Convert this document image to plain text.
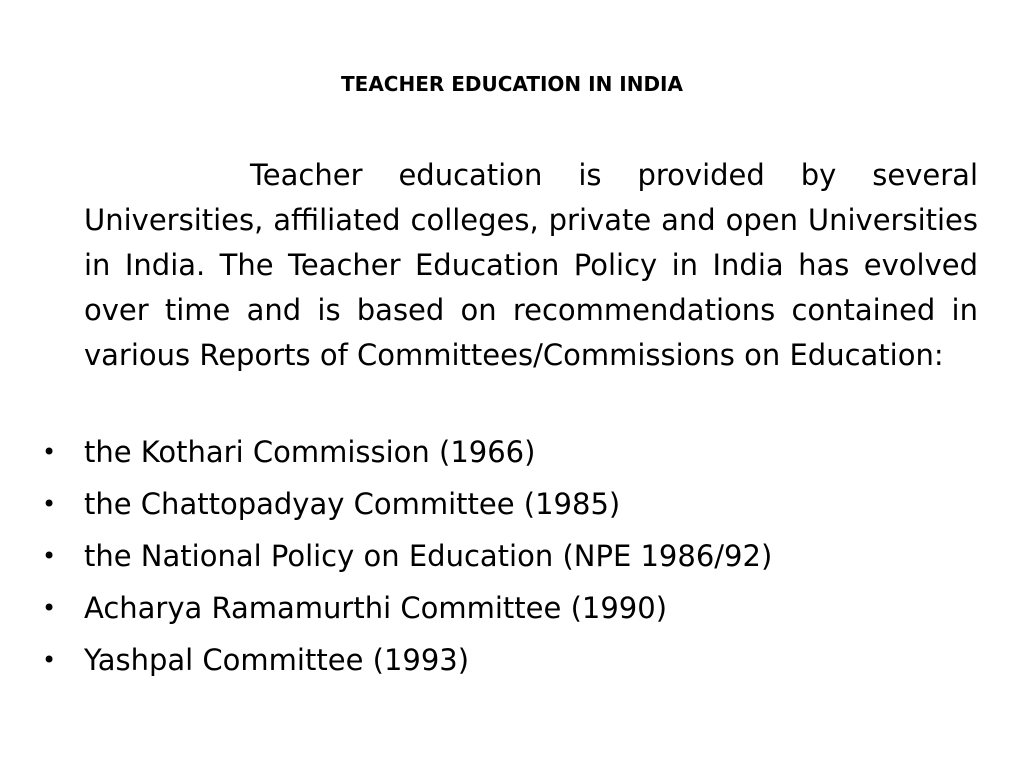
TEACHER EDUCATION IN INDIA

Teacher education is provided by several Universities, affiliated colleges, private and open Universities in India. The Teacher Education Policy in India has evolved over time and is based on recommendations contained in various Reports of Committees/Commissions on Education:

• the Kothari Commission (1966)
• the Chattopadyay Committee (1985)
• the National Policy on Education (NPE 1986/92)
• Acharya Ramamurthi Committee (1990)
• Yashpal Committee (1993)
